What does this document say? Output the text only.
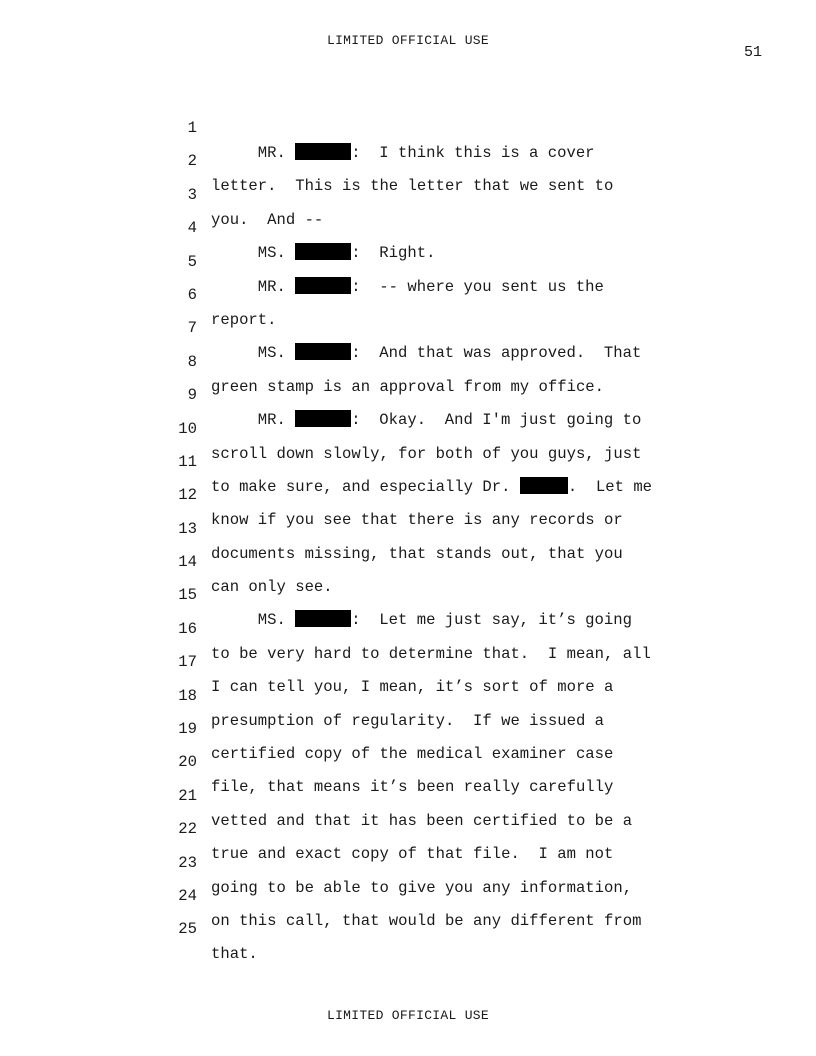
LIMITED OFFICIAL USE
51

1

MR.	:  I think this is a cover

2

letter.  This is the letter that we sent to

3

you.  And --

4

MS.	:  Right.

5

MR.	:  -- where you sent us the

6

report.

7

MS.	:  And that was approved.  That

8

green stamp is an approval from my office.

9

MR.	:  Okay.  And I'm just going to

10

scroll down slowly, for both of you guys, just

11

to make sure, and especially Dr.	.  Let me

12

know if you see that there is any records or

13

documents missing, that stands out, that you

14

can only see.

15

MS.	:  Let me just say, it’s going

16

to be very hard to determine that.  I mean, all

17

I can tell you, I mean, it’s sort of more a

18

presumption of regularity.  If we issued a

19

certified copy of the medical examiner case

20

file, that means it’s been really carefully

21

vetted and that it has been certified to be a

22

true and exact copy of that file.  I am not

23

going to be able to give you any information,

24

on this call, that would be any different from

25

that.

LIMITED OFFICIAL USE
